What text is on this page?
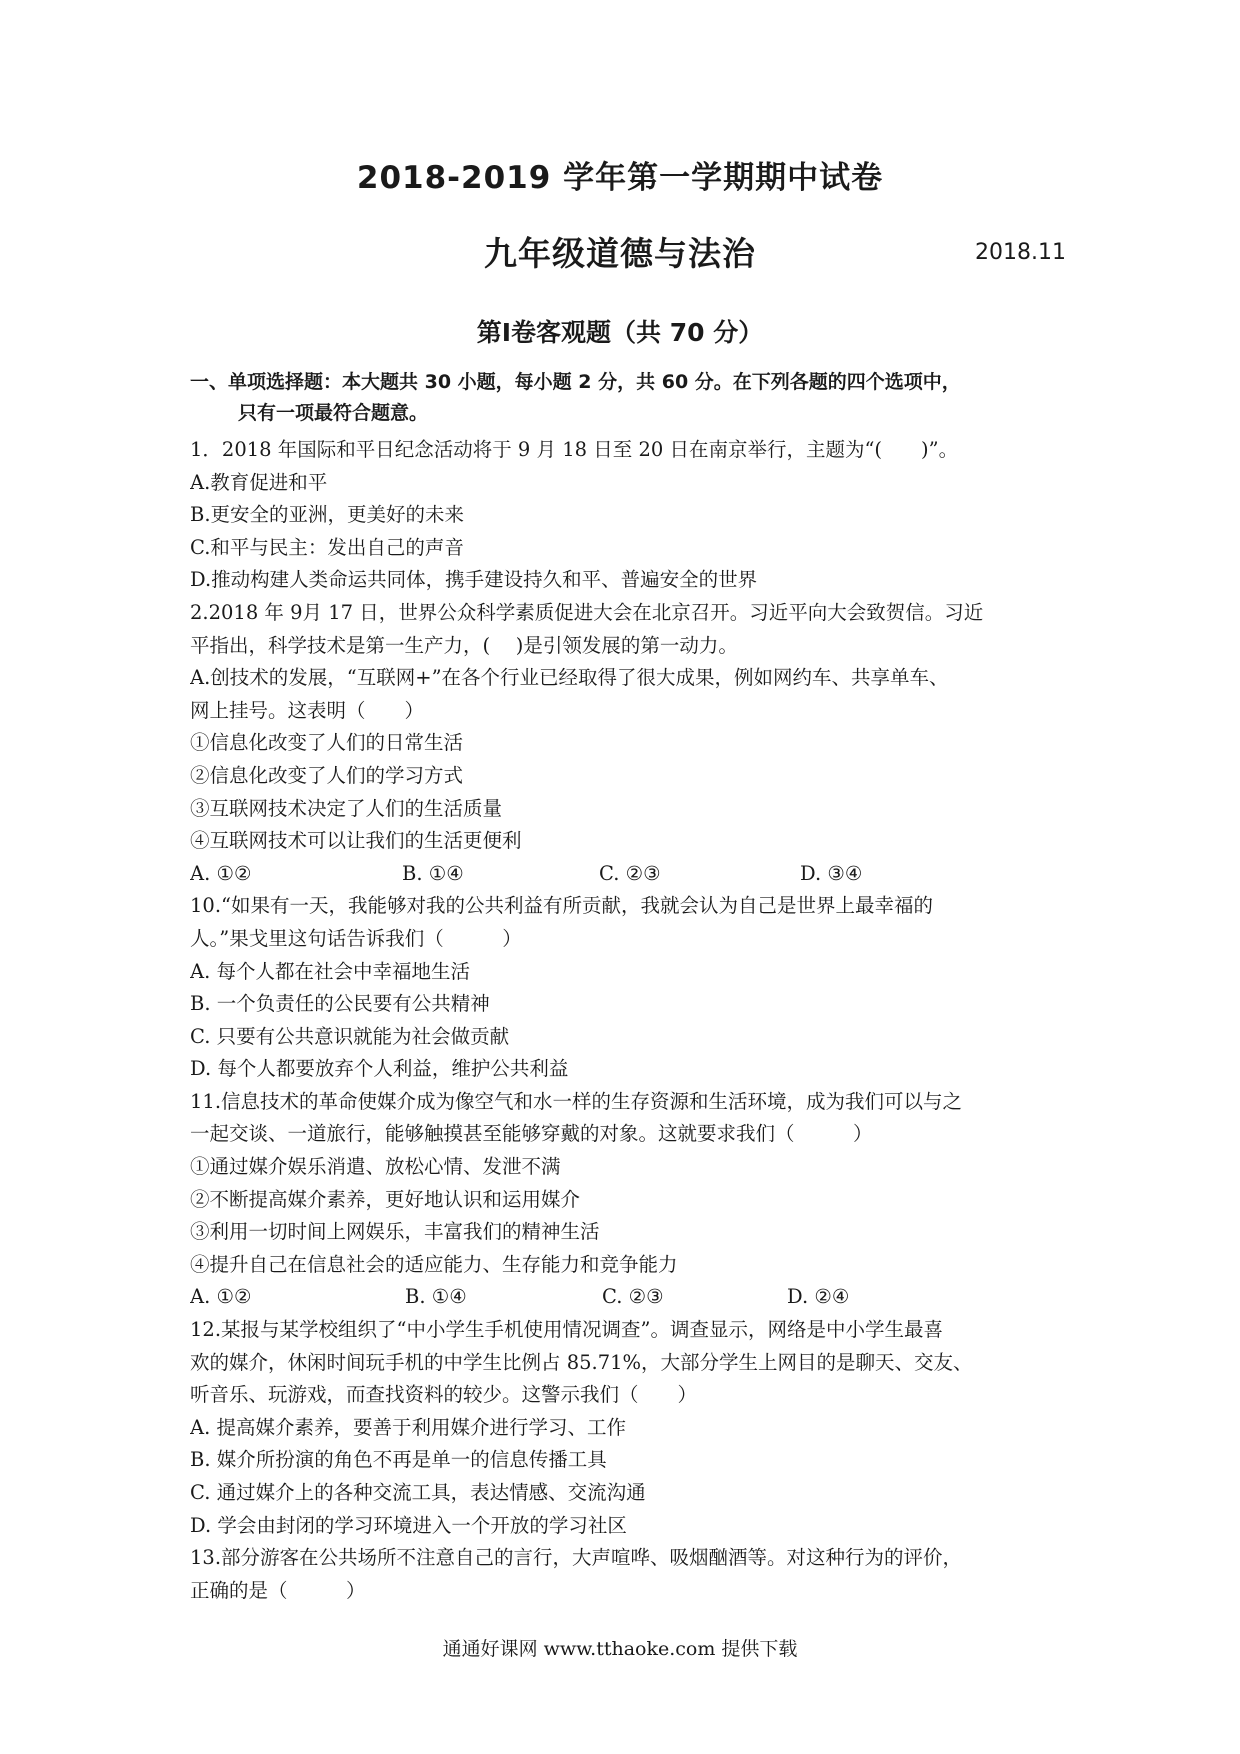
2018-2019 学年第一学期期中试卷
九年级道德与法治	2018.11
第Ⅰ卷客观题（共 70 分）
一、单项选择题：本大题共 30 小题，每小题 2 分，共 60 分。在下列各题的四个选项中，
只有一项最符合题意。
1．2018 年国际和平日纪念活动将于 9 月 18 日至 20 日在南京举行，主题为“(　　)”。
A.教育促进和平
B.更安全的亚洲，更美好的未来
C.和平与民主：发出自己的声音
D.推动构建人类命运共同体，携手建设持久和平、普遍安全的世界
2.2018 年 9月 17 日，世界公众科学素质促进大会在北京召开。习近平向大会致贺信。习近
平指出，科学技术是第一生产力，(　 )是引领发展的第一动力。
A.创技术的发展，“互联网+”在各个行业已经取得了很大成果，例如网约车、共享单车、
网上挂号。这表明（　　）
①信息化改变了人们的日常生活
②信息化改变了人们的学习方式
③互联网技术决定了人们的生活质量
④互联网技术可以让我们的生活更便利
A. ①②	B. ①④	C. ②③	D. ③④
10.“如果有一天，我能够对我的公共利益有所贡献，我就会认为自己是世界上最幸福的
人。”果戈里这句话告诉我们（　　　）
A. 每个人都在社会中幸福地生活
B. 一个负责任的公民要有公共精神
C. 只要有公共意识就能为社会做贡献
D. 每个人都要放弃个人利益，维护公共利益
11.信息技术的革命使媒介成为像空气和水一样的生存资源和生活环境，成为我们可以与之
一起交谈、一道旅行，能够触摸甚至能够穿戴的对象。这就要求我们（　　　）
①通过媒介娱乐消遣、放松心情、发泄不满
②不断提高媒介素养，更好地认识和运用媒介
③利用一切时间上网娱乐，丰富我们的精神生活
④提升自己在信息社会的适应能力、生存能力和竞争能力
A. ①②	B. ①④	C. ②③	D. ②④
12.某报与某学校组织了“中小学生手机使用情况调查”。调查显示，网络是中小学生最喜
欢的媒介，休闲时间玩手机的中学生比例占 85.71%，大部分学生上网目的是聊天、交友、
听音乐、玩游戏，而查找资料的较少。这警示我们（　　）
A. 提高媒介素养，要善于利用媒介进行学习、工作
B. 媒介所扮演的角色不再是单一的信息传播工具
C. 通过媒介上的各种交流工具，表达情感、交流沟通
D. 学会由封闭的学习环境进入一个开放的学习社区
13.部分游客在公共场所不注意自己的言行，大声喧哗、吸烟酗酒等。对这种行为的评价，
正确的是（　　　）
通通好课网 www.tthaoke.com 提供下载
